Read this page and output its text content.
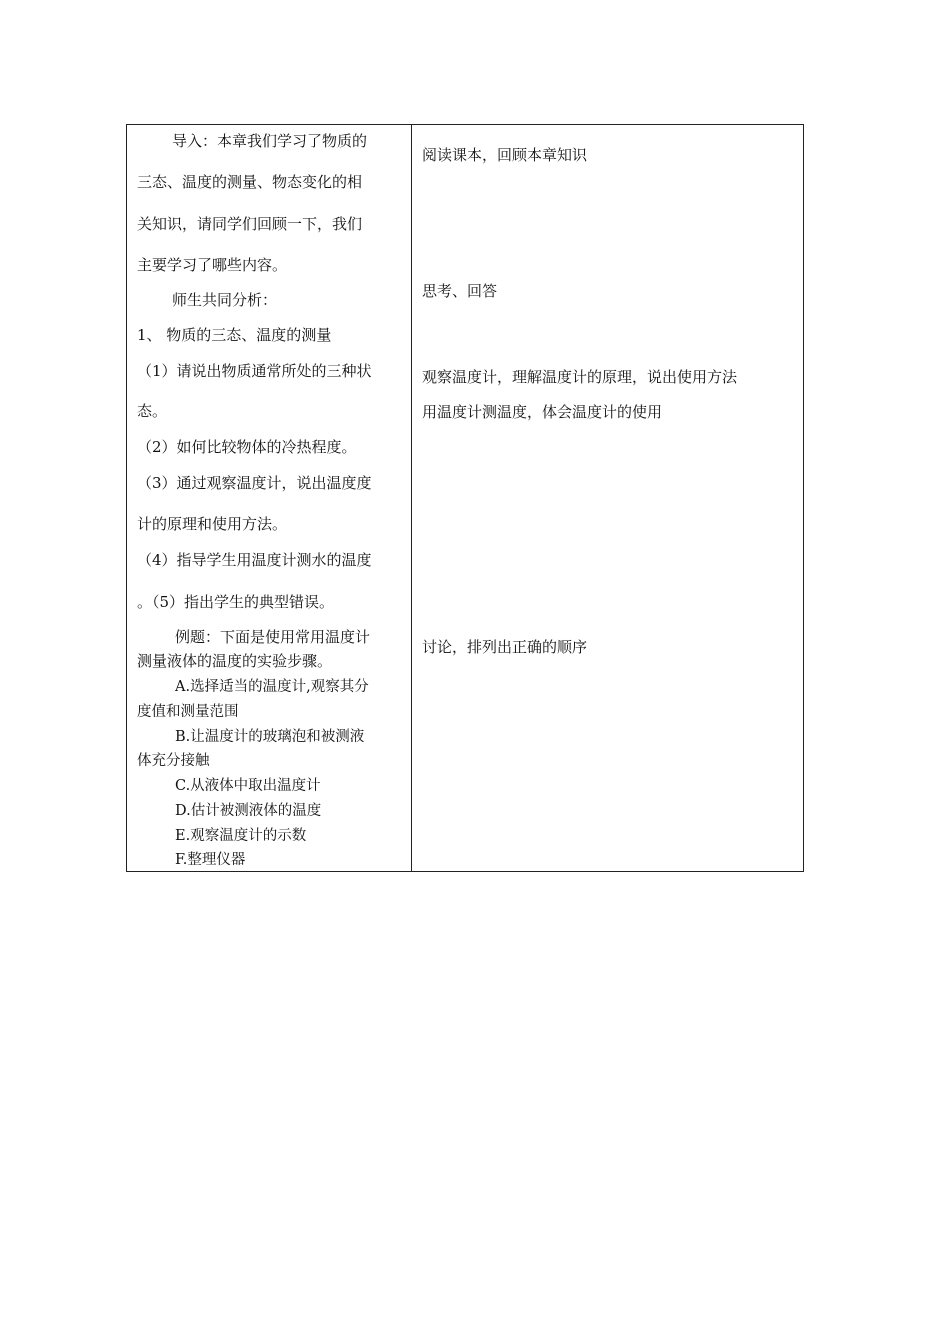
导入：本章我们学习了物质的
三态、温度的测量、物态变化的相
关知识，请同学们回顾一下，我们
主要学习了哪些内容。
师生共同分析：
1、 物质的三态、温度的测量
（1）请说出物质通常所处的三种状
态。
（2）如何比较物体的冷热程度。
（3）通过观察温度计，说出温度度
计的原理和使用方法。
（4）指导学生用温度计测水的温度
。（5）指出学生的典型错误。
例题：下面是使用常用温度计
测量液体的温度的实验步骤。
A.选择适当的温度计,观察其分
度值和测量范围
B.让温度计的玻璃泡和被测液
体充分接触
C.从液体中取出温度计
D.估计被测液体的温度
E.观察温度计的示数
F.整理仪器
阅读课本，回顾本章知识
思考、回答
观察温度计，理解温度计的原理，说出使用方法
用温度计测温度，体会温度计的使用
讨论，排列出正确的顺序
